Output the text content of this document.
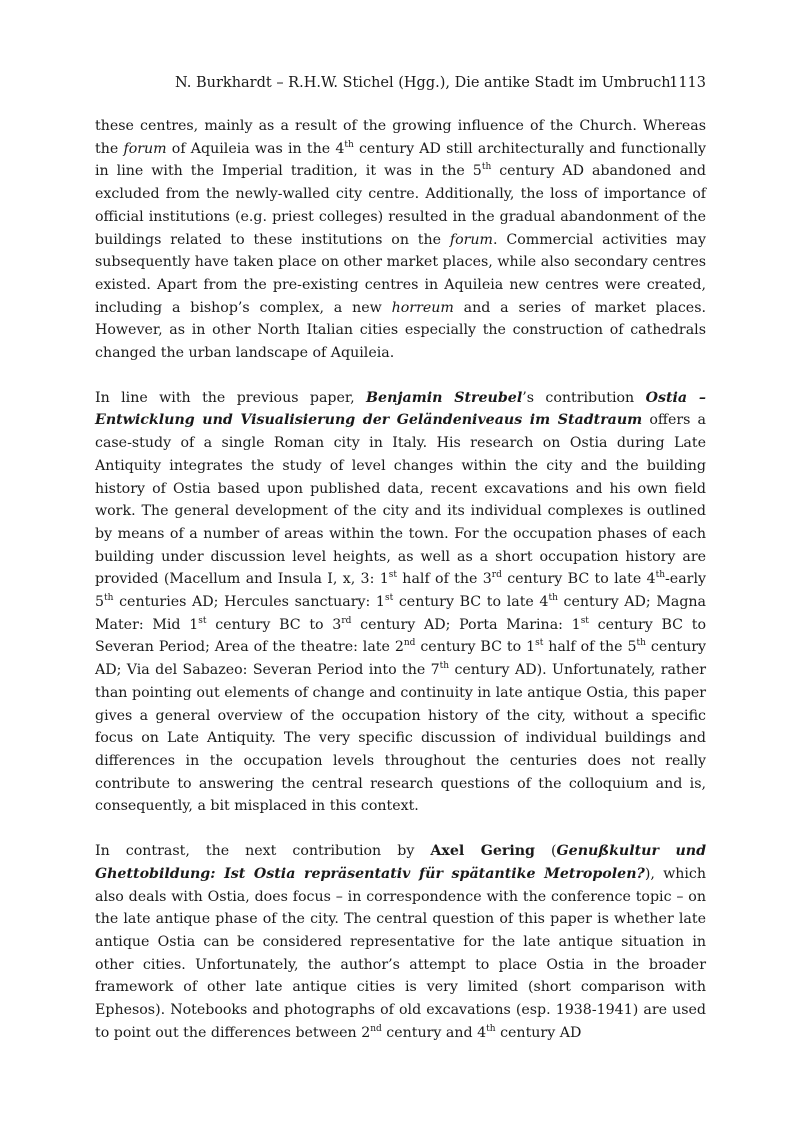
N. Burkhardt – R.H.W. Stichel (Hgg.), Die antike Stadt im Umbruch
1113

these centres, mainly as a result of the growing influence of the Church. Whereas the forum of Aquileia was in the 4th century AD still architecturally and functionally in line with the Imperial tradition, it was in the 5th century AD abandoned and excluded from the newly-walled city centre. Additionally, the loss of importance of official institutions (e.g. priest colleges) resulted in the gradual abandonment of the buildings related to these institutions on the forum. Commercial activities may subsequently have taken place on other market places, while also secondary centres existed. Apart from the pre-existing centres in Aquileia new centres were created, including a bishop’s complex, a new horreum and a series of market places. However, as in other North Italian cities especially the construction of cathedrals changed the urban landscape of Aquileia.

In line with the previous paper, Benjamin Streubel’s contribution Ostia – Entwicklung und Visualisierung der Geländeniveaus im Stadtraum offers a case-study of a single Roman city in Italy. His research on Ostia during Late Antiquity integrates the study of level changes within the city and the building history of Ostia based upon published data, recent excavations and his own field work. The general development of the city and its individual complexes is outlined by means of a number of areas within the town. For the occupation phases of each building under discussion level heights, as well as a short occupation history are provided (Macellum and Insula I, x, 3: 1st half of the 3rd century BC to late 4th-early 5th centuries AD; Hercules sanctuary: 1st century BC to late 4th century AD; Magna Mater: Mid 1st century BC to 3rd century AD; Porta Marina: 1st century BC to Severan Period; Area of the theatre: late 2nd century BC to 1st half of the 5th century AD; Via del Sabazeo: Severan Period into the 7th century AD). Unfortunately, rather than pointing out elements of change and continuity in late antique Ostia, this paper gives a general overview of the occupation history of the city, without a specific focus on Late Antiquity. The very specific discussion of individual buildings and differences in the occupation levels throughout the centuries does not really contribute to answering the central research questions of the colloquium and is, consequently, a bit misplaced in this context.

In contrast, the next contribution by Axel Gering (Genußkultur und Ghettobildung: Ist Ostia repräsentativ für spätantike Metropolen?), which also deals with Ostia, does focus – in correspondence with the conference topic – on the late antique phase of the city. The central question of this paper is whether late antique Ostia can be considered representative for the late antique situation in other cities. Unfortunately, the author’s attempt to place Ostia in the broader framework of other late antique cities is very limited (short comparison with Ephesos). Notebooks and photographs of old excavations (esp. 1938-1941) are used to point out the differences between 2nd century and 4th century AD
